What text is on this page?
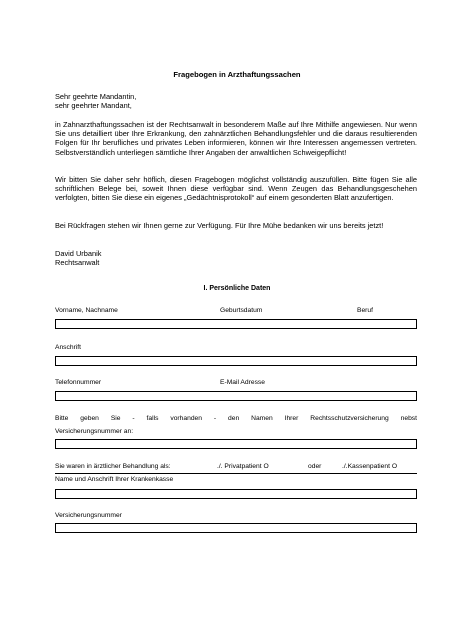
Fragebogen in Arzthaftungssachen
Sehr geehrte Mandantin,
sehr geehrter Mandant,
in Zahnarzthaftungssachen ist der Rechtsanwalt in besonderem Maße auf Ihre Mithilfe angewiesen. Nur wenn Sie uns detailliert über Ihre Erkrankung, den zahnärztlichen Behandlungsfehler und die daraus resultierenden Folgen für Ihr berufliches und privates Leben informieren, können wir Ihre Interessen angemessen vertreten. Selbstverständlich unterliegen sämtliche Ihrer Angaben der anwaltlichen Schweigepflicht!
Wir bitten Sie daher sehr höflich, diesen Fragebogen möglichst vollständig auszufüllen. Bitte fügen Sie alle schriftlichen Belege bei, soweit Ihnen diese verfügbar sind. Wenn Zeugen das Behandlungsgeschehen verfolgten, bitten Sie diese ein eigenes „Gedächtnisprotokoll“ auf einem gesonderten Blatt anzufertigen.
Bei Rückfragen stehen wir Ihnen gerne zur Verfügung. Für Ihre Mühe bedanken wir uns bereits jetzt!
David Urbanik
Rechtsanwalt
I. Persönliche Daten
Vorname, Nachname	Geburtsdatum	Beruf
Anschrift
Telefonnummer	E-Mail Adresse
Bitte geben Sie - falls vorhanden - den Namen Ihrer Rechtsschutzversicherung nebst
Versicherungsnummer an:
Sie waren in ärztlicher Behandlung als:	./. Privatpatient O	oder	./.Kassenpatient O
Name und Anschrift Ihrer Krankenkasse
Versicherungsnummer
